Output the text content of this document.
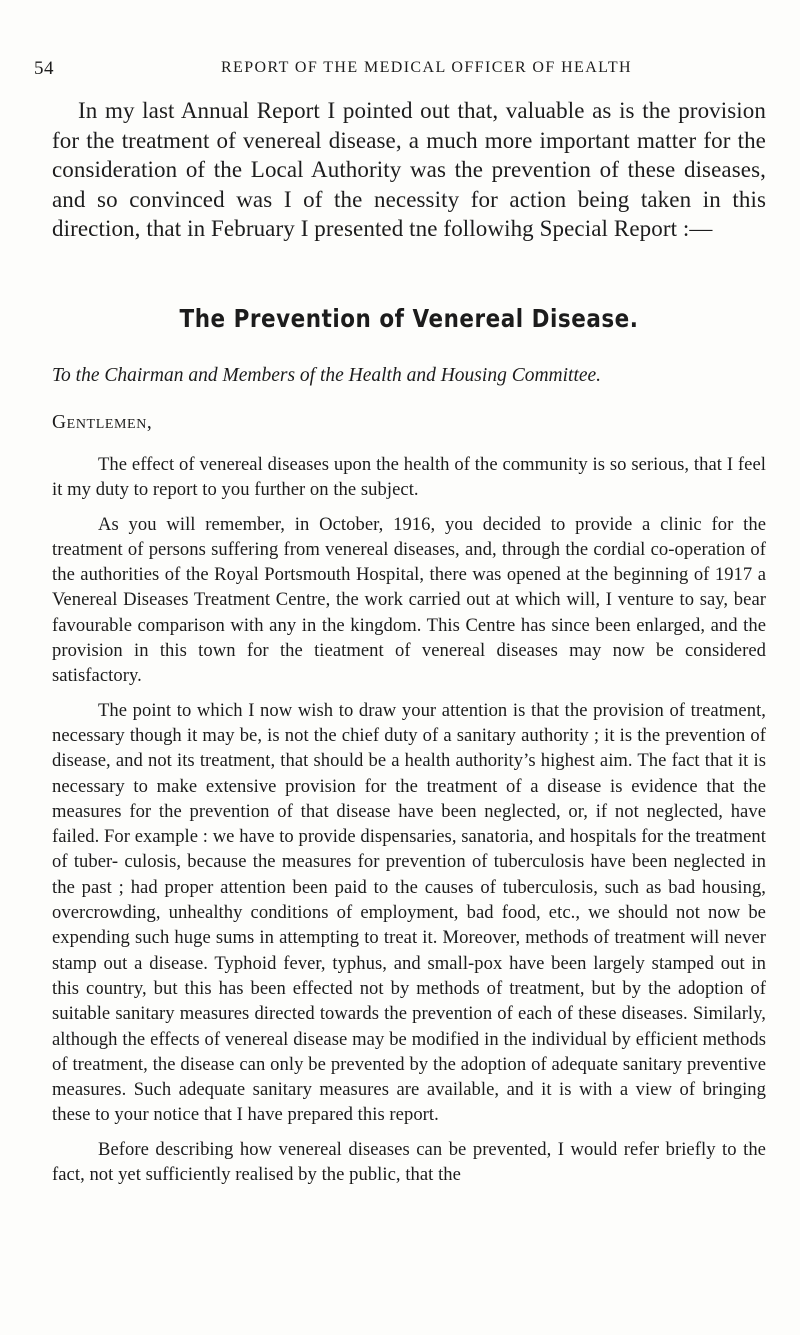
54	REPORT OF THE MEDICAL OFFICER OF HEALTH

In my last Annual Report I pointed out that, valuable as is the provision for the treatment of venereal disease, a much more important matter for the consideration of the Local Authority was the prevention of these diseases, and so convinced was I of the necessity for action being taken in this direction, that in February I presented tne followihg Special Report :—

The Prevention of Venereal Disease.

To the Chairman and Members of the Health and Housing Committee.

Gentlemen,

The effect of venereal diseases upon the health of the community is so serious, that I feel it my duty to report to you further on the subject.

As you will remember, in October, 1916, you decided to provide a clinic for the treatment of persons suffering from venereal diseases, and, through the cordial co-operation of the authorities of the Royal Portsmouth Hospital, there was opened at the beginning of 1917 a Venereal Diseases Treatment Centre, the work carried out at which will, I venture to say, bear favourable comparison with any in the kingdom. This Centre has since been enlarged, and the provision in this town for the tieatment of venereal diseases may now be considered satisfactory.

The point to which I now wish to draw your attention is that the provision of treatment, necessary though it may be, is not the chief duty of a sanitary authority ; it is the prevention of disease, and not its treatment, that should be a health authority’s highest aim. The fact that it is necessary to make extensive provision for the treatment of a disease is evidence that the measures for the prevention of that disease have been neglected, or, if not neglected, have failed. For example : we have to provide dispensaries, sanatoria, and hospitals for the treatment of tuber- culosis, because the measures for prevention of tuberculosis have been neglected in the past ; had proper attention been paid to the causes of tuberculosis, such as bad housing, overcrowding, unhealthy conditions of employment, bad food, etc., we should not now be expending such huge sums in attempting to treat it. Moreover, methods of treatment will never stamp out a disease. Typhoid fever, typhus, and small-pox have been largely stamped out in this country, but this has been effected not by methods of treatment, but by the adoption of suitable sanitary measures directed towards the prevention of each of these diseases. Similarly, although the effects of venereal disease may be modified in the individual by efficient methods of treatment, the disease can only be prevented by the adoption of adequate sanitary preventive measures. Such adequate sanitary measures are available, and it is with a view of bringing these to your notice that I have prepared this report.

Before describing how venereal diseases can be prevented, I would refer briefly to the fact, not yet sufficiently realised by the public, that the
